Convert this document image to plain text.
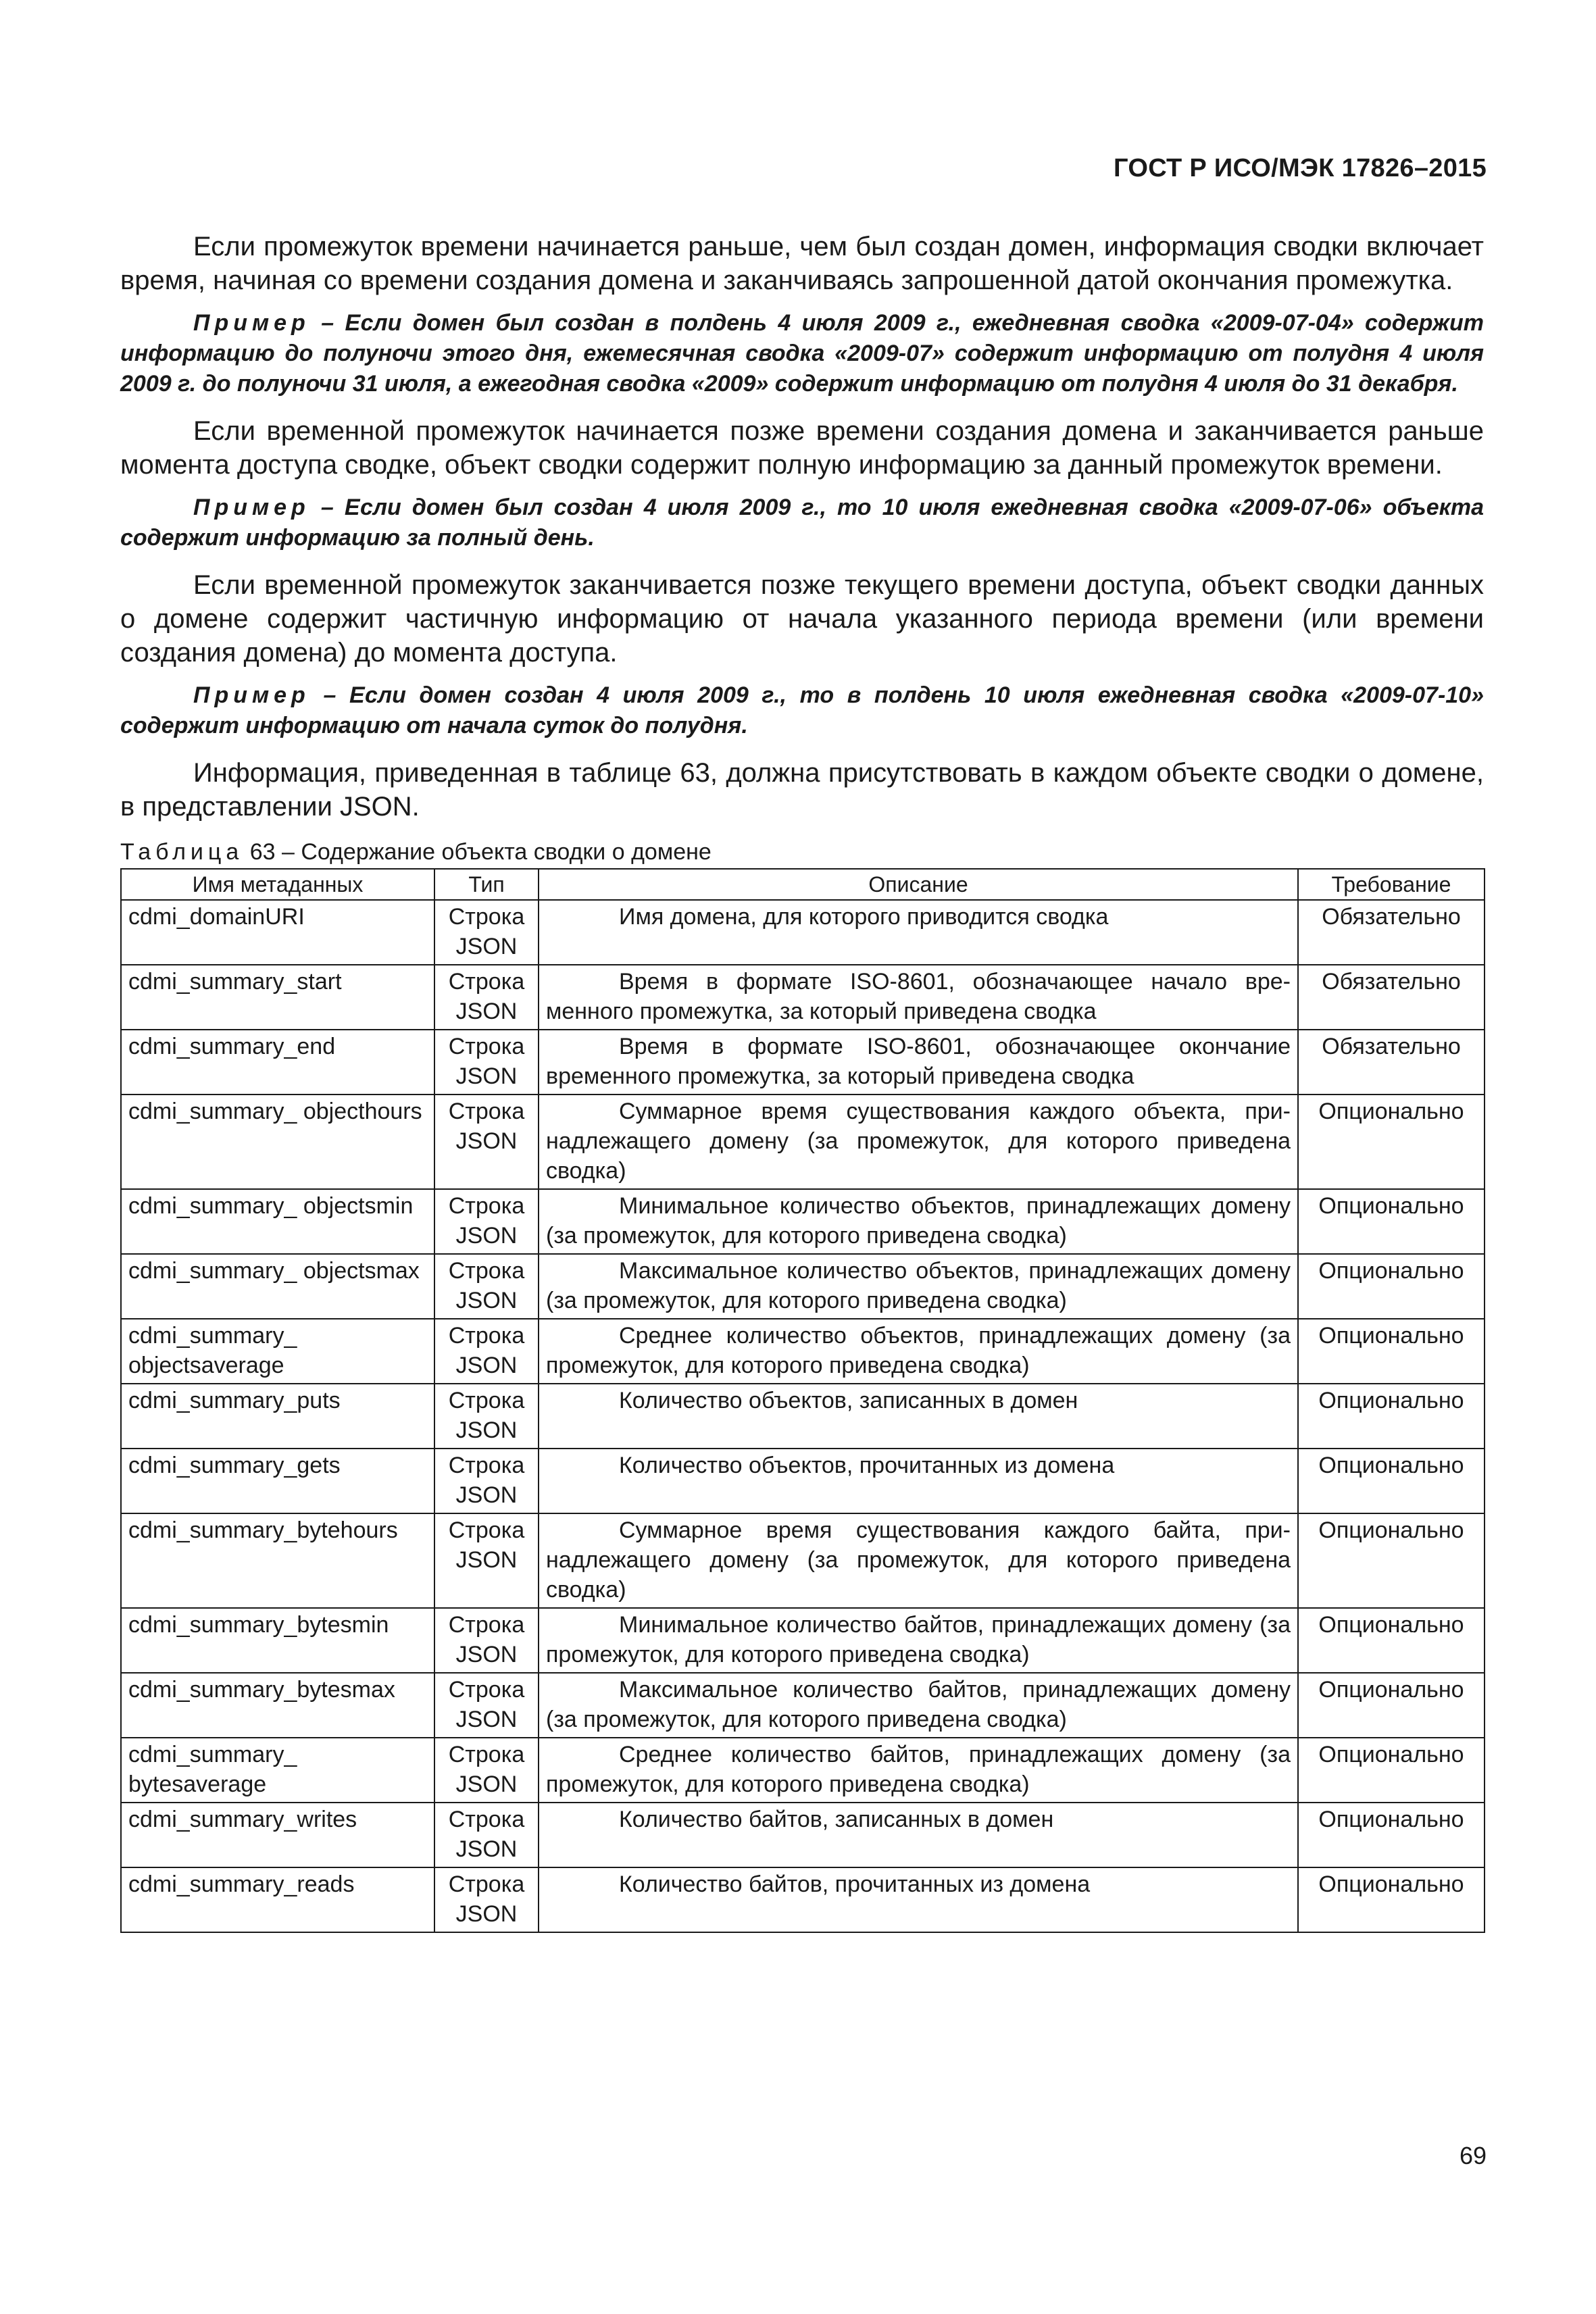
ГОСТ Р ИСО/МЭК 17826–2015

Если промежуток времени начинается раньше, чем был создан домен, информация сводки включает время, начиная со времени создания домена и заканчиваясь запрошенной датой окончания промежутка.

Пример – Если домен был создан в полдень 4 июля 2009 г., ежедневная сводка «2009-07-04» содержит информацию до полуночи этого дня, ежемесячная сводка «2009-07» содержит информацию от полудня 4 июля 2009 г. до полуночи 31 июля, а ежегодная сводка «2009» содержит информацию от полудня 4 июля до 31 декабря.

Если временной промежуток начинается позже времени создания домена и заканчивается раньше момента доступа сводке, объект сводки содержит полную информацию за данный промежуток времени.

Пример – Если домен был создан 4 июля 2009 г., то 10 июля ежедневная сводка «2009-07-06» объекта содержит информацию за полный день.

Если временной промежуток заканчивается позже текущего времени доступа, объект сводки данных о домене содержит частичную информацию от начала указанного периода времени (или времени создания домена) до момента доступа.

Пример – Если домен создан 4 июля 2009 г., то в полдень 10 июля ежедневная сводка «2009-07-10» содержит информацию от начала суток до полудня.

Информация, приведенная в таблице 63, должна присутствовать в каждом объекте сводки о домене, в представлении JSON.

Таблица 63 – Содержание объекта сводки о домене
Имя метаданных	Тип	Описание	Требование
cdmi_domainURI	Строка JSON	Имя домена, для которого приводится сводка	Обязательно
cdmi_summary_start	Строка JSON	Время в формате ISO-8601, обозначающее начало временного промежутка, за который приведена сводка	Обязательно
cdmi_summary_end	Строка JSON	Время в формате ISO-8601, обозначающее окончание временного промежутка, за который приведена сводка	Обязательно
cdmi_summary_ objecthours	Строка JSON	Суммарное время существования каждого объекта, принадлежащего домену (за промежуток, для которого приведена сводка)	Опционально
cdmi_summary_ objectsmin	Строка JSON	Минимальное количество объектов, принадлежащих домену (за промежуток, для которого приведена сводка)	Опционально
cdmi_summary_ objectsmax	Строка JSON	Максимальное количество объектов, принадлежащих домену (за промежуток, для которого приведена сводка)	Опционально
cdmi_summary_ objectsaverage	Строка JSON	Среднее количество объектов, принадлежащих домену (за промежуток, для которого приведена сводка)	Опционально
cdmi_summary_puts	Строка JSON	Количество объектов, записанных в домен	Опционально
cdmi_summary_gets	Строка JSON	Количество объектов, прочитанных из домена	Опционально
cdmi_summary_bytehours	Строка JSON	Суммарное время существования каждого байта, принадлежащего домену (за промежуток, для которого приведена сводка)	Опционально
cdmi_summary_bytesmin	Строка JSON	Минимальное количество байтов, принадлежащих домену (за промежуток, для которого приведена сводка)	Опционально
cdmi_summary_bytesmax	Строка JSON	Максимальное количество байтов, принадлежащих домену (за промежуток, для которого приведена сводка)	Опционально
cdmi_summary_ bytesaverage	Строка JSON	Среднее количество байтов, принадлежащих домену (за промежуток, для которого приведена сводка)	Опционально
cdmi_summary_writes	Строка JSON	Количество байтов, записанных в домен	Опционально
cdmi_summary_reads	Строка JSON	Количество байтов, прочитанных из домена	Опционально
69
